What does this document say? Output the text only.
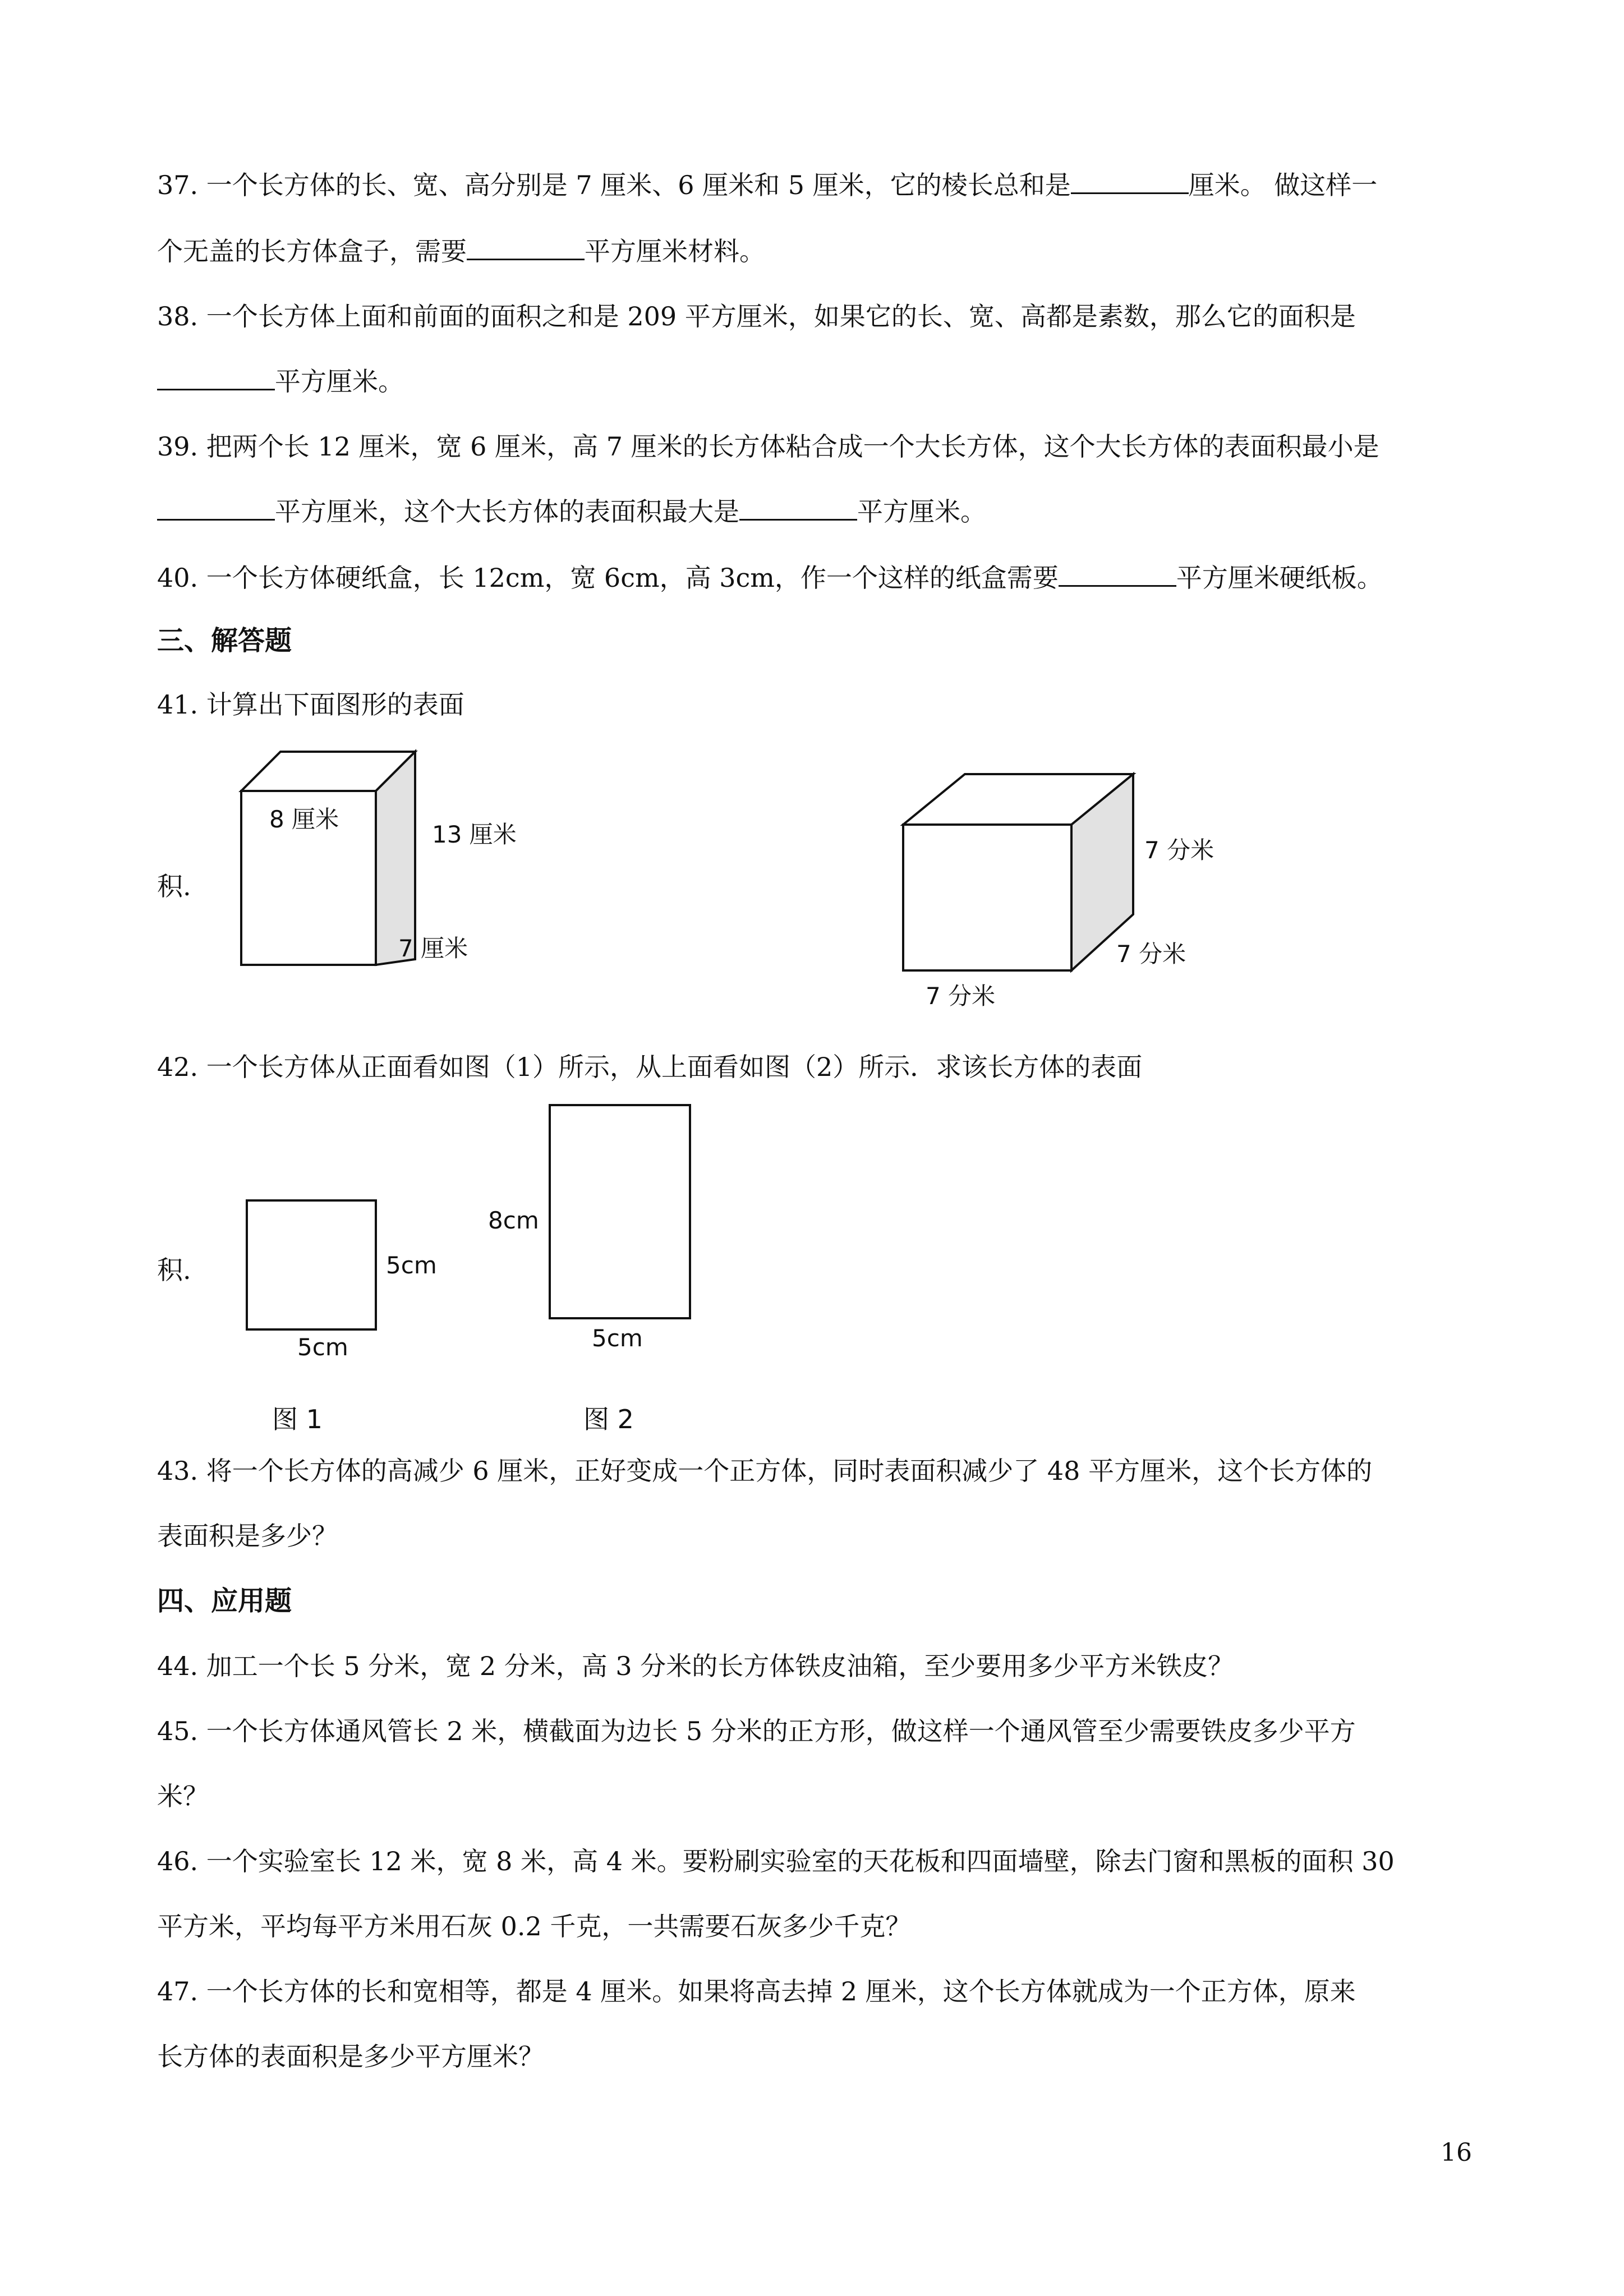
37. 一个长方体的长、宽、高分别是 7 厘米、6 厘米和 5 厘米，它的棱长总和是	厘米。 做这样一
个无盖的长方体盒子，需要	平方厘米材料。
38. 一个长方体上面和前面的面积之和是 209 平方厘米，如果它的长、宽、高都是素数，那么它的面积是
平方厘米。
39. 把两个长 12 厘米，宽 6 厘米，高 7 厘米的长方体粘合成一个大长方体，这个大长方体的表面积最小是
平方厘米，这个大长方体的表面积最大是	平方厘米。
40. 一个长方体硬纸盒，长 12cm，宽 6cm，高 3cm，作一个这样的纸盒需要	平方厘米硬纸板。
三、解答题
41. 计算出下面图形的表面
积.
8 厘米
13 厘米
7 厘米
7 分米
7 分米
7 分米
42. 一个长方体从正面看如图（1）所示，从上面看如图（2）所示．求该长方体的表面
积.	5cm
5cm
8cm
5cm
图 1	图 2
43. 将一个长方体的高减少 6 厘米，正好变成一个正方体，同时表面积减少了 48 平方厘米，这个长方体的
表面积是多少？
四、应用题
44. 加工一个长 5 分米，宽 2 分米，高 3 分米的长方体铁皮油箱，至少要用多少平方米铁皮？
45. 一个长方体通风管长 2 米，横截面为边长 5 分米的正方形，做这样一个通风管至少需要铁皮多少平方
米？
46. 一个实验室长 12 米，宽 8 米，高 4 米。要粉刷实验室的天花板和四面墙壁，除去门窗和黑板的面积 30
平方米，平均每平方米用石灰 0.2 千克，一共需要石灰多少千克？
47. 一个长方体的长和宽相等，都是 4 厘米。如果将高去掉 2 厘米，这个长方体就成为一个正方体，原来
长方体的表面积是多少平方厘米？
16
